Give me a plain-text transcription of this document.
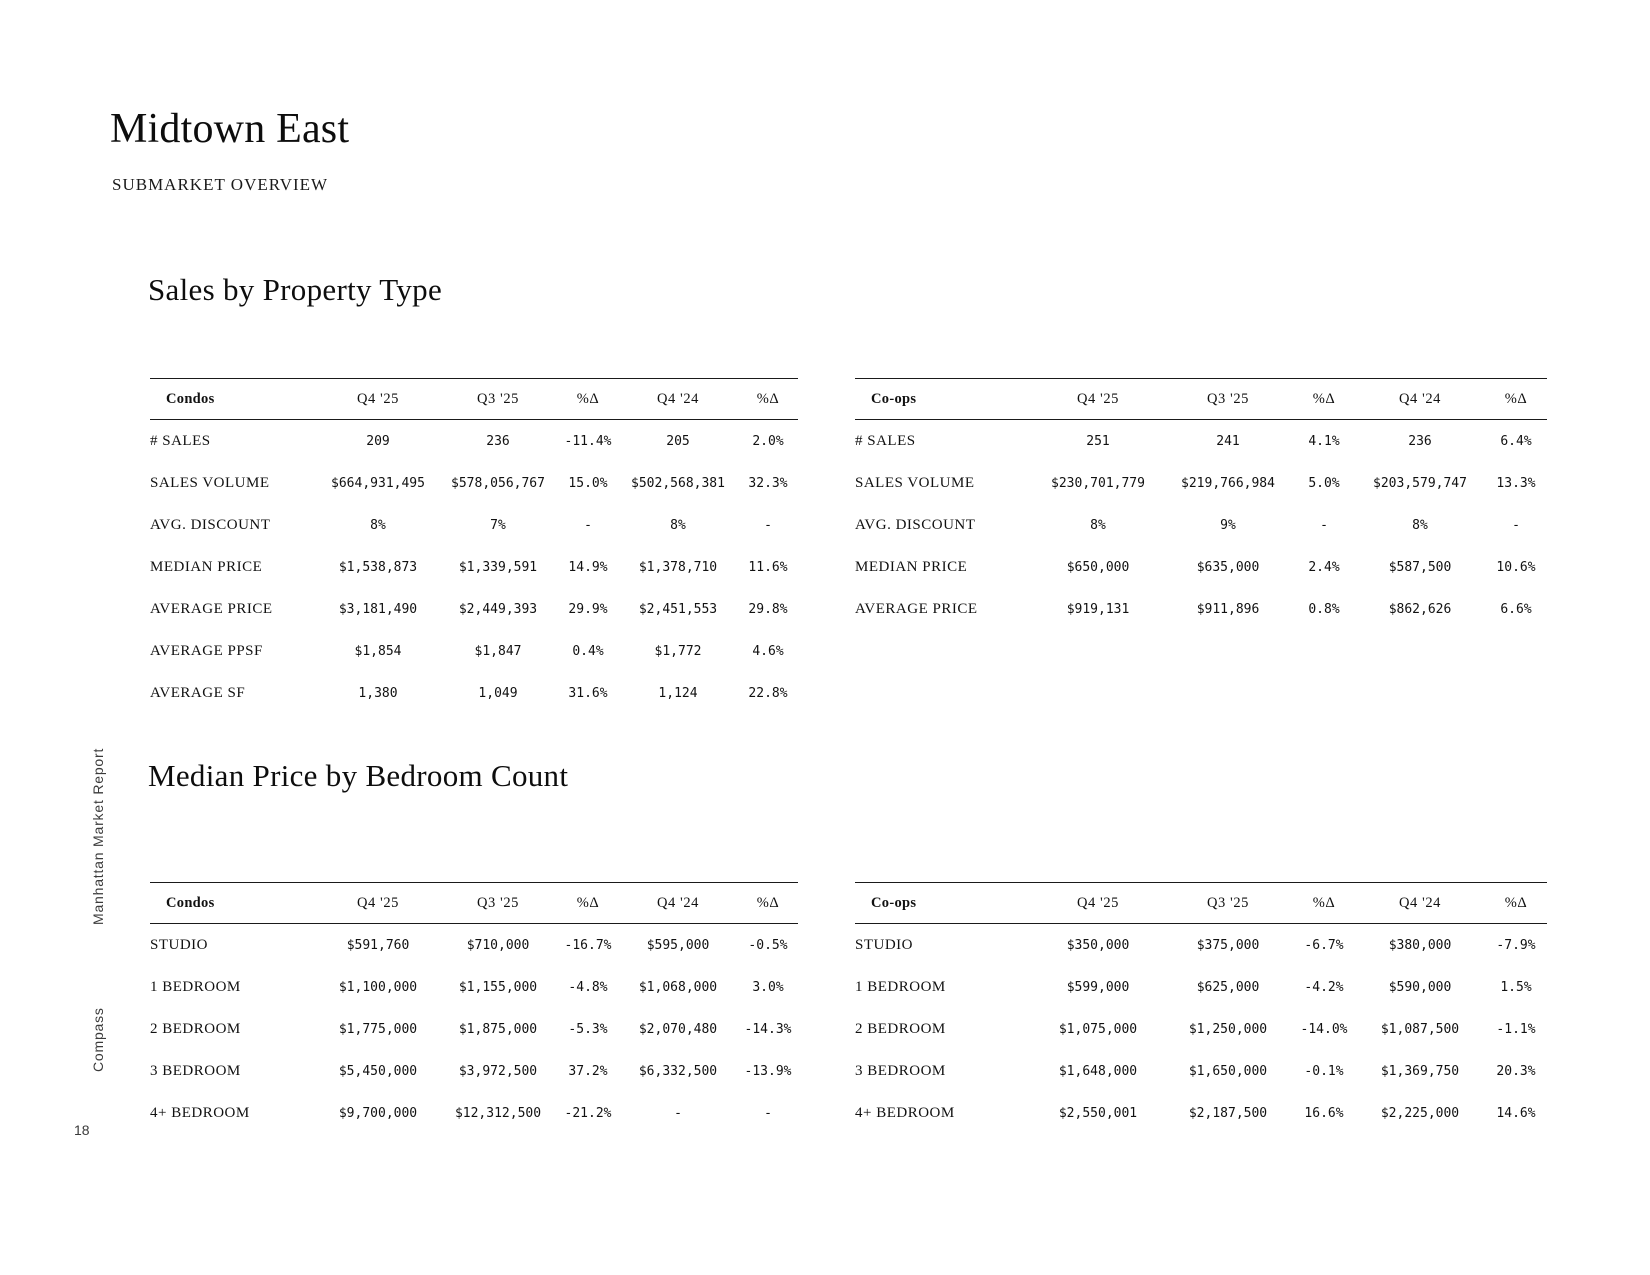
Midtown East
SUBMARKET OVERVIEW
Manhattan Market Report
Compass
18
Sales by Property Type
Condos	Q4 '25	Q3 '25	%Δ	Q4 '24	%Δ
# SALES	209	236	-11.4%	205	2.0%
SALES VOLUME	$664,931,495	$578,056,767	15.0%	$502,568,381	32.3%
AVG. DISCOUNT	8%	7%	-	8%	-
MEDIAN PRICE	$1,538,873	$1,339,591	14.9%	$1,378,710	11.6%
AVERAGE PRICE	$3,181,490	$2,449,393	29.9%	$2,451,553	29.8%
AVERAGE PPSF	$1,854	$1,847	0.4%	$1,772	4.6%
AVERAGE SF	1,380	1,049	31.6%	1,124	22.8%
Co-ops	Q4 '25	Q3 '25	%Δ	Q4 '24	%Δ
# SALES	251	241	4.1%	236	6.4%
SALES VOLUME	$230,701,779	$219,766,984	5.0%	$203,579,747	13.3%
AVG. DISCOUNT	8%	9%	-	8%	-
MEDIAN PRICE	$650,000	$635,000	2.4%	$587,500	10.6%
AVERAGE PRICE	$919,131	$911,896	0.8%	$862,626	6.6%
Median Price by Bedroom Count
Condos	Q4 '25	Q3 '25	%Δ	Q4 '24	%Δ
STUDIO	$591,760	$710,000	-16.7%	$595,000	-0.5%
1 BEDROOM	$1,100,000	$1,155,000	-4.8%	$1,068,000	3.0%
2 BEDROOM	$1,775,000	$1,875,000	-5.3%	$2,070,480	-14.3%
3 BEDROOM	$5,450,000	$3,972,500	37.2%	$6,332,500	-13.9%
4+ BEDROOM	$9,700,000	$12,312,500	-21.2%	-	-
Co-ops	Q4 '25	Q3 '25	%Δ	Q4 '24	%Δ
STUDIO	$350,000	$375,000	-6.7%	$380,000	-7.9%
1 BEDROOM	$599,000	$625,000	-4.2%	$590,000	1.5%
2 BEDROOM	$1,075,000	$1,250,000	-14.0%	$1,087,500	-1.1%
3 BEDROOM	$1,648,000	$1,650,000	-0.1%	$1,369,750	20.3%
4+ BEDROOM	$2,550,001	$2,187,500	16.6%	$2,225,000	14.6%
